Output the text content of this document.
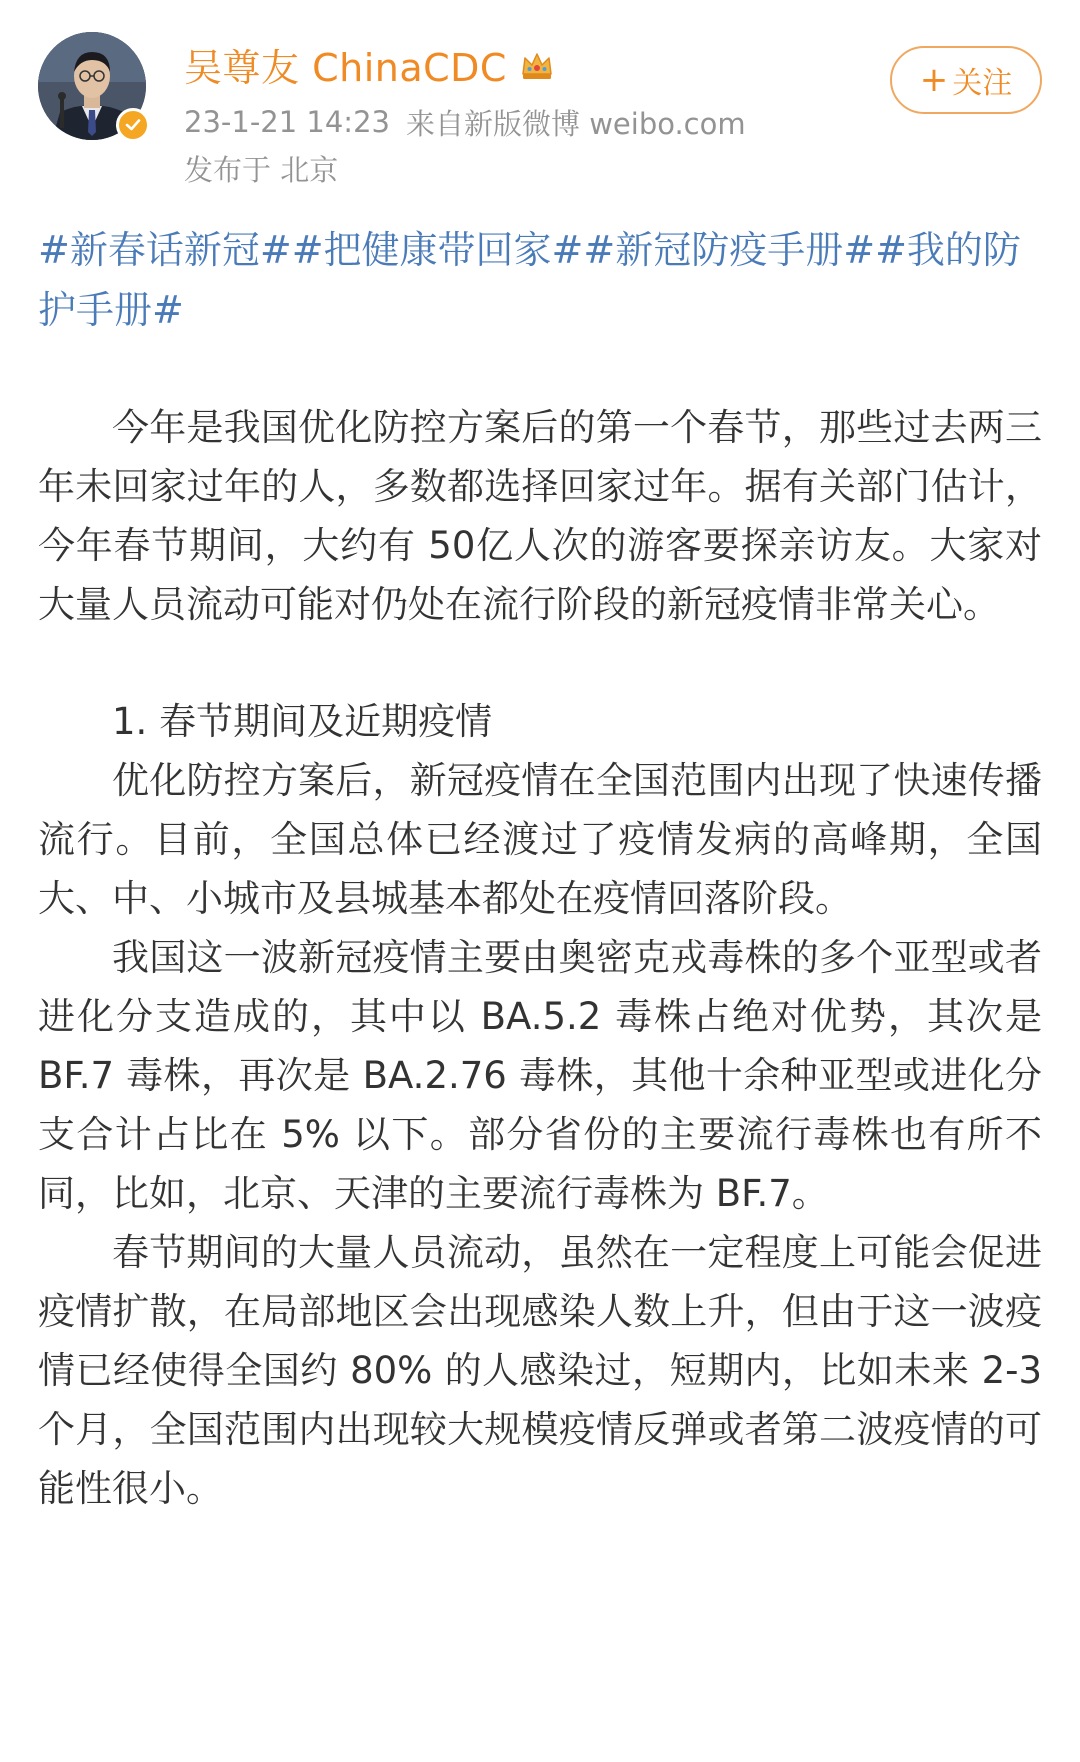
吴尊友 ChinaCDC
23-1-21 14:23 来自新版微博 weibo.com
发布于 北京
+ 关注

#新春话新冠##把健康带回家##新冠防疫手册##我的防护手册#

今年是我国优化防控方案后的第一个春节，那些过去两三年未回家过年的人，多数都选择回家过年。据有关部门估计，今年春节期间，大约有 50亿人次的游客要探亲访友。大家对大量人员流动可能对仍处在流行阶段的新冠疫情非常关心。

1. 春节期间及近期疫情

优化防控方案后，新冠疫情在全国范围内出现了快速传播流行。目前，全国总体已经渡过了疫情发病的高峰期，全国大、中、小城市及县城基本都处在疫情回落阶段。

我国这一波新冠疫情主要由奥密克戎毒株的多个亚型或者进化分支造成的，其中以 BA.5.2 毒株占绝对优势，其次是 BF.7 毒株，再次是 BA.2.76 毒株，其他十余种亚型或进化分支合计占比在 5% 以下。部分省份的主要流行毒株也有所不同，比如，北京、天津的主要流行毒株为 BF.7。

春节期间的大量人员流动，虽然在一定程度上可能会促进疫情扩散，在局部地区会出现感染人数上升，但由于这一波疫情已经使得全国约 80% 的人感染过，短期内，比如未来 2-3 个月，全国范围内出现较大规模疫情反弹或者第二波疫情的可能性很小。
